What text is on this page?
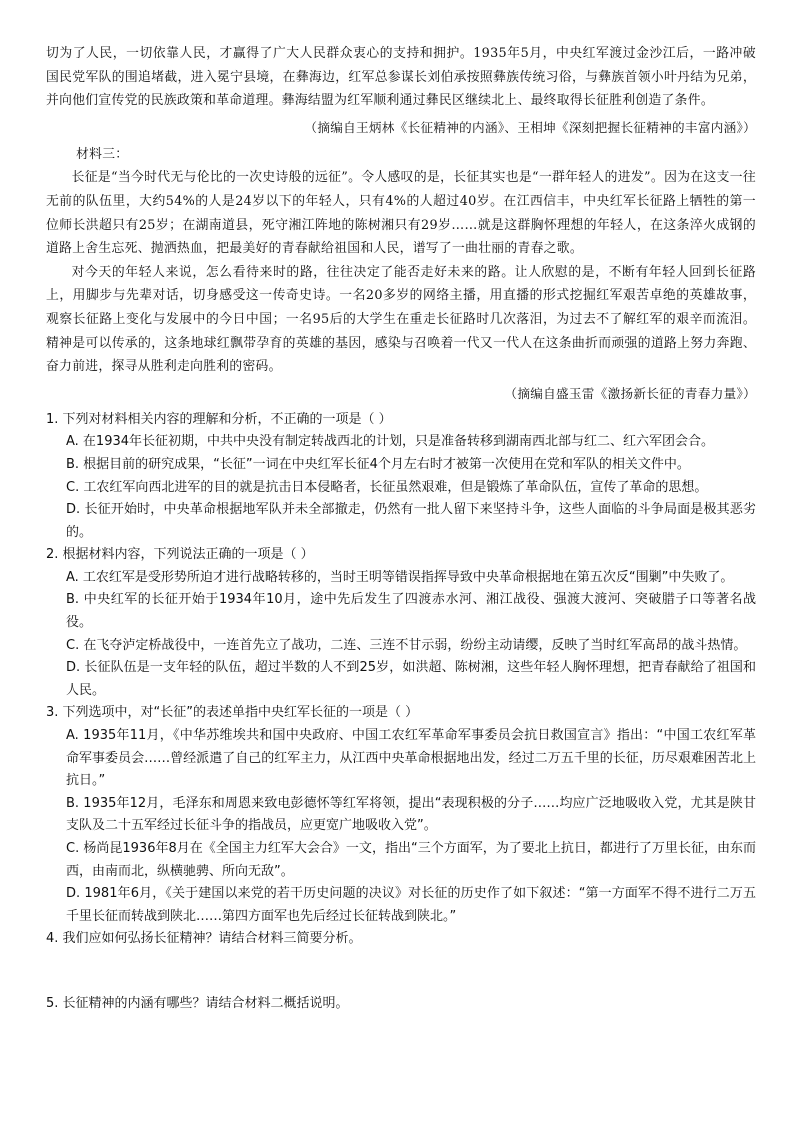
切为了人民，一切依靠人民，才赢得了广大人民群众衷心的支持和拥护。1935年5月，中央红军渡过金沙江后，一路冲破国民党军队的围追堵截，进入冕宁县境，在彝海边，红军总参谋长刘伯承按照彝族传统习俗，与彝族首领小叶丹结为兄弟，并向他们宣传党的民族政策和革命道理。彝海结盟为红军顺利通过彝民区继续北上、最终取得长征胜利创造了条件。

（摘编自王炳林《长征精神的内涵》、王相坤《深刻把握长征精神的丰富内涵》）

材料三：

长征是“当今时代无与伦比的一次史诗般的远征”。令人感叹的是，长征其实也是“一群年轻人的进发”。因为在这支一往无前的队伍里，大约54%的人是24岁以下的年轻人，只有4%的人超过40岁。在江西信丰，中央红军长征路上牺牲的第一位师长洪超只有25岁；在湖南道县，死守湘江阵地的陈树湘只有29岁……就是这群胸怀理想的年轻人，在这条淬火成钢的道路上舍生忘死、抛洒热血，把最美好的青春献给祖国和人民，谱写了一曲壮丽的青春之歌。

对今天的年轻人来说，怎么看待来时的路，往往决定了能否走好未来的路。让人欣慰的是，不断有年轻人回到长征路上，用脚步与先辈对话，切身感受这一传奇史诗。一名20多岁的网络主播，用直播的形式挖掘红军艰苦卓绝的英雄故事，观察长征路上变化与发展中的今日中国；一名95后的大学生在重走长征路时几次落泪，为过去不了解红军的艰辛而流泪。精神是可以传承的，这条地球红飘带孕育的英雄的基因，感染与召唤着一代又一代人在这条曲折而顽强的道路上努力奔跑、奋力前进，探寻从胜利走向胜利的密码。

（摘编自盛玉雷《激扬新长征的青春力量》）

1. 下列对材料相关内容的理解和分析，不正确的一项是（ ）

A. 在1934年长征初期，中共中央没有制定转战西北的计划，只是准备转移到湖南西北部与红二、红六军团会合。

B. 根据目前的研究成果，“长征”一词在中央红军长征4个月左右时才被第一次使用在党和军队的相关文件中。

C. 工农红军向西北进军的目的就是抗击日本侵略者，长征虽然艰难，但是锻炼了革命队伍，宣传了革命的思想。

D. 长征开始时，中央革命根据地军队并未全部撤走，仍然有一批人留下来坚持斗争，这些人面临的斗争局面是极其恶劣的。

2. 根据材料内容，下列说法正确的一项是（ ）

A. 工农红军是受形势所迫才进行战略转移的，当时王明等错误指挥导致中央革命根据地在第五次反“围剿”中失败了。

B. 中央红军的长征开始于1934年10月，途中先后发生了四渡赤水河、湘江战役、强渡大渡河、突破腊子口等著名战役。

C. 在飞夺泸定桥战役中，一连首先立了战功，二连、三连不甘示弱，纷纷主动请缨，反映了当时红军高昂的战斗热情。

D. 长征队伍是一支年轻的队伍，超过半数的人不到25岁，如洪超、陈树湘，这些年轻人胸怀理想，把青春献给了祖国和人民。

3. 下列选项中，对“长征”的表述单指中央红军长征的一项是（ ）

A. 1935年11月，《中华苏维埃共和国中央政府、中国工农红军革命军事委员会抗日救国宣言》指出：“中国工农红军革命军事委员会……曾经派遣了自己的红军主力，从江西中央革命根据地出发，经过二万五千里的长征，历尽艰难困苦北上抗日。”

B. 1935年12月，毛泽东和周恩来致电彭德怀等红军将领，提出“表现积极的分子……均应广泛地吸收入党，尤其是陕甘支队及二十五军经过长征斗争的指战员，应更宽广地吸收入党”。

C. 杨尚昆1936年8月在《全国主力红军大会合》一文，指出“三个方面军，为了要北上抗日，都进行了万里长征，由东而西，由南而北，纵横驰骋、所向无敌”。

D. 1981年6月，《关于建国以来党的若干历史问题的决议》对长征的历史作了如下叙述：“第一方面军不得不进行二万五千里长征而转战到陕北……第四方面军也先后经过长征转战到陕北。”

4. 我们应如何弘扬长征精神？请结合材料三简要分析。

5. 长征精神的内涵有哪些？请结合材料二概括说明。
